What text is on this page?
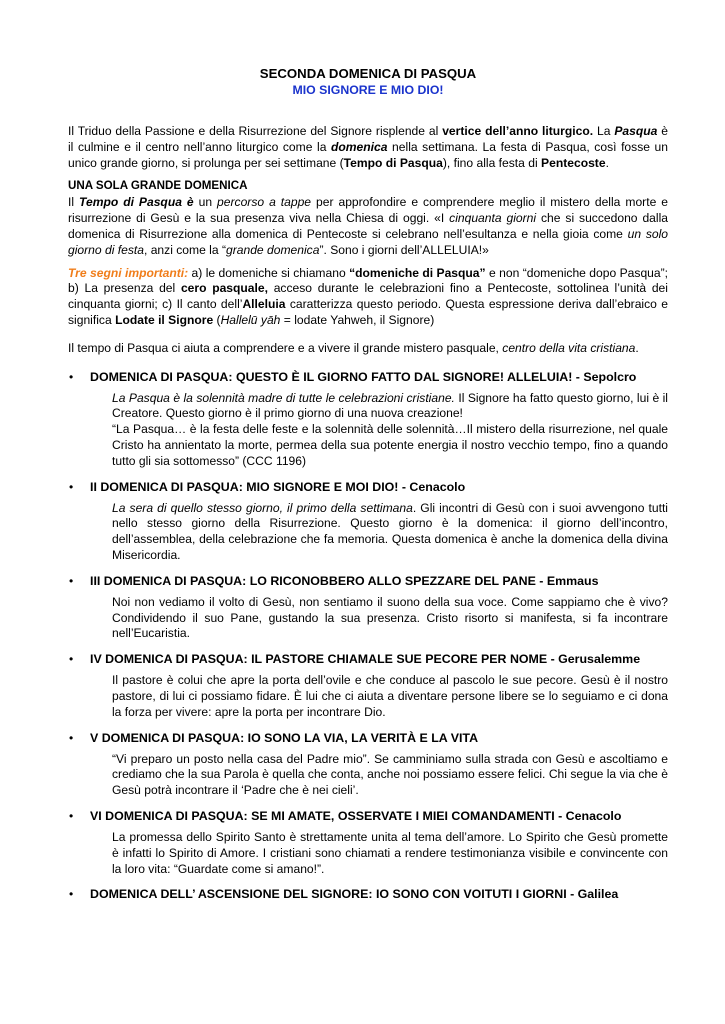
SECONDA DOMENICA DI PASQUA
MIO SIGNORE E MIO DIO!

Il Triduo della Passione e della Risurrezione del Signore risplende al vertice dell’anno liturgico. La Pasqua è il culmine e il centro nell’anno liturgico come la domenica nella settimana. La festa di Pasqua, così fosse un unico grande giorno, si prolunga per sei settimane (Tempo di Pasqua), fino alla festa di Pentecoste.

UNA SOLA GRANDE DOMENICA

Il Tempo di Pasqua è un percorso a tappe per approfondire e comprendere meglio il mistero della morte e risurrezione di Gesù e la sua presenza viva nella Chiesa di oggi. «I cinquanta giorni che si succedono dalla domenica di Risurrezione alla domenica di Pentecoste si celebrano nell’esultanza e nella gioia come un solo giorno di festa, anzi come la “grande domenica”. Sono i giorni dell’ALLELUIA!»

Tre segni importanti: a) le domeniche si chiamano “domeniche di Pasqua” e non “domeniche dopo Pasqua”; b) La presenza del cero pasquale, acceso durante le celebrazioni fino a Pentecoste, sottolinea l’unità dei cinquanta giorni; c) Il canto dell’Alleluia caratterizza questo periodo. Questa espressione deriva dall’ebraico e significa Lodate il Signore (Hallelū yāh = lodate Yahweh, il Signore)

Il tempo di Pasqua ci aiuta a comprendere e a vivere il grande mistero pasquale, centro della vita cristiana.

• DOMENICA DI PASQUA: QUESTO È IL GIORNO FATTO DAL SIGNORE! ALLELUIA! - Sepolcro
La Pasqua è la solennità madre di tutte le celebrazioni cristiane. Il Signore ha fatto questo giorno, lui è il Creatore. Questo giorno è il primo giorno di una nuova creazione!
“La Pasqua… è la festa delle feste e la solennità delle solennità…Il mistero della risurrezione, nel quale Cristo ha annientato la morte, permea della sua potente energia il nostro vecchio tempo, fino a quando tutto gli sia sottomesso” (CCC 1196)
• II DOMENICA DI PASQUA: MIO SIGNORE E MOI DIO! - Cenacolo
La sera di quello stesso giorno, il primo della settimana. Gli incontri di Gesù con i suoi avvengono tutti nello stesso giorno della Risurrezione. Questo giorno è la domenica: il giorno dell’incontro, dell’assemblea, della celebrazione che fa memoria. Questa domenica è anche la domenica della divina Misericordia.
• III DOMENICA DI PASQUA: LO RICONOBBERO ALLO SPEZZARE DEL PANE - Emmaus
Noi non vediamo il volto di Gesù, non sentiamo il suono della sua voce. Come sappiamo che è vivo? Condividendo il suo Pane, gustando la sua presenza. Cristo risorto si manifesta, si fa incontrare nell’Eucaristia.
• IV DOMENICA DI PASQUA: IL PASTORE CHIAMALE SUE PECORE PER NOME - Gerusalemme
Il pastore è colui che apre la porta dell’ovile e che conduce al pascolo le sue pecore. Gesù è il nostro pastore, di lui ci possiamo fidare. È lui che ci aiuta a diventare persone libere se lo seguiamo e ci dona la forza per vivere: apre la porta per incontrare Dio.
• V DOMENICA DI PASQUA: IO SONO LA VIA, LA VERITÀ E LA VITA
“Vi preparo un posto nella casa del Padre mio”. Se camminiamo sulla strada con Gesù e ascoltiamo e crediamo che la sua Parola è quella che conta, anche noi possiamo essere felici. Chi segue la via che è Gesù potrà incontrare il ‘Padre che è nei cieli’.
• VI DOMENICA DI PASQUA: SE MI AMATE, OSSERVATE I MIEI COMANDAMENTI - Cenacolo
La promessa dello Spirito Santo è strettamente unita al tema dell’amore. Lo Spirito che Gesù promette è infatti lo Spirito di Amore. I cristiani sono chiamati a rendere testimonianza visibile e convincente con la loro vita: “Guardate come si amano!”.
• DOMENICA DELL’ ASCENSIONE DEL SIGNORE: IO SONO CON VOITUTI I GIORNI - Galilea
